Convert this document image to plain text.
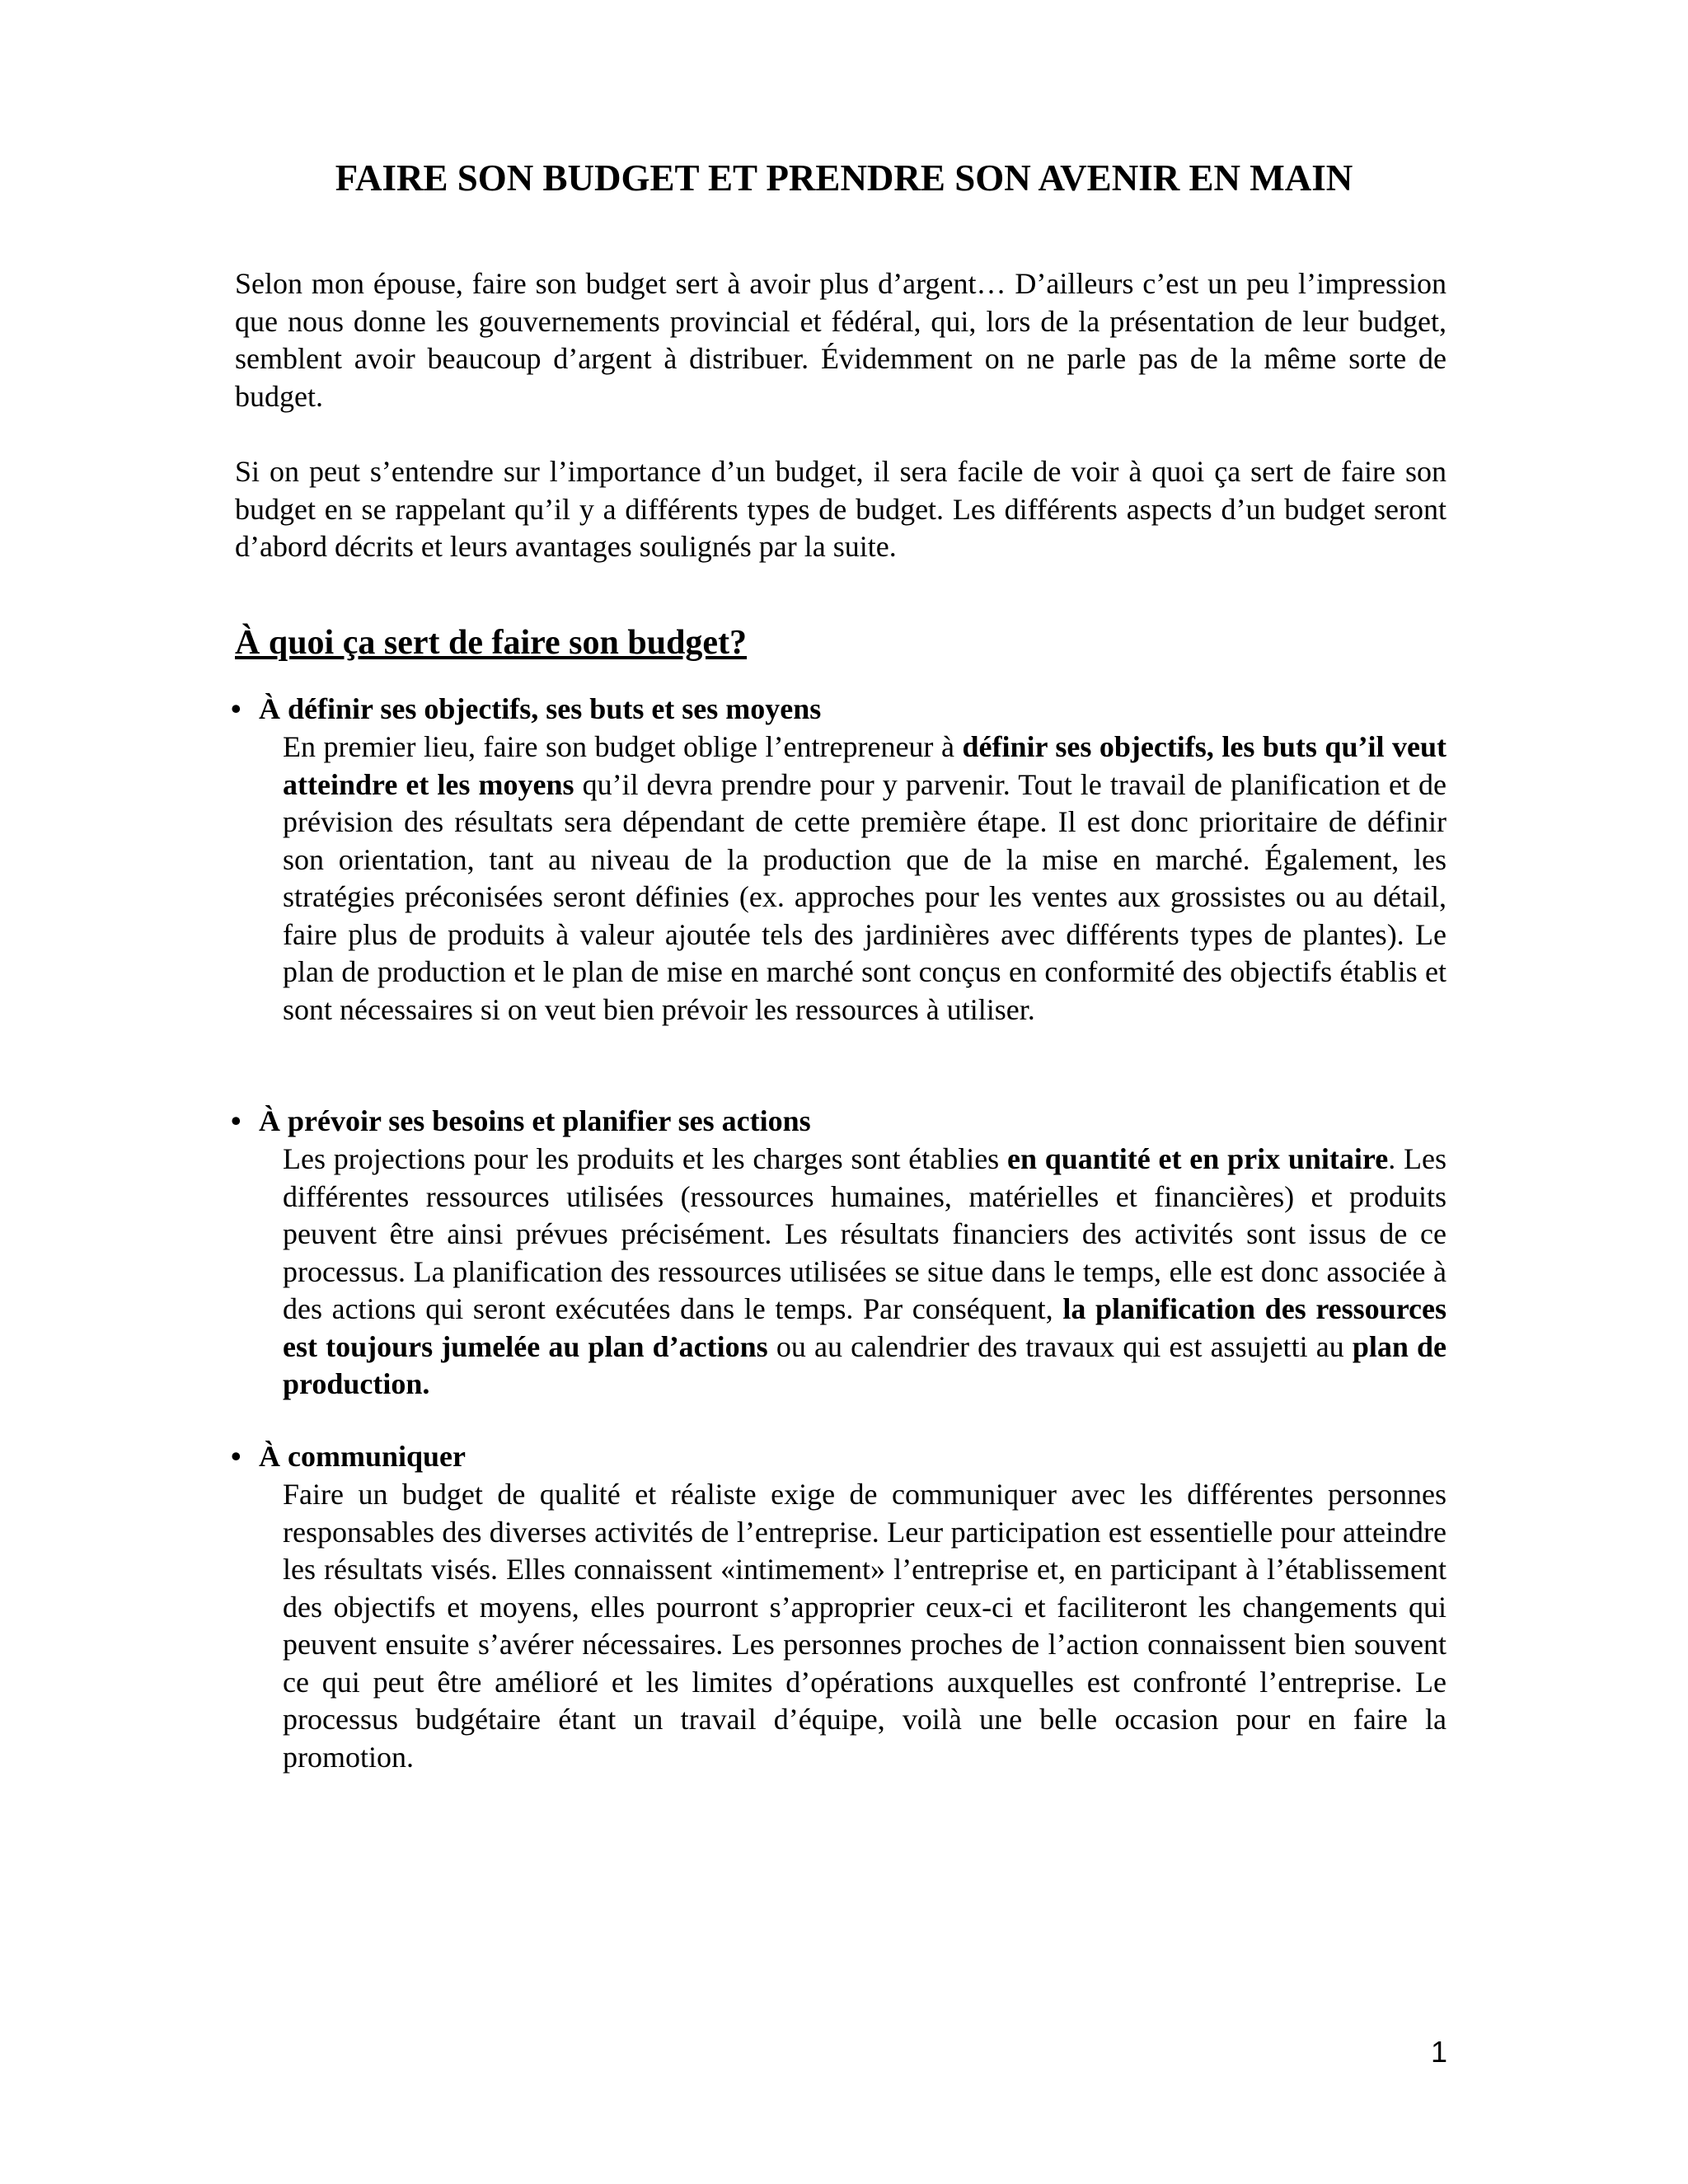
FAIRE SON BUDGET ET PRENDRE SON AVENIR EN MAIN

Selon mon épouse, faire son budget sert à avoir plus d’argent… D’ailleurs c’est un peu l’impression que nous donne les gouvernements provincial et fédéral, qui, lors de la présentation de leur budget, semblent avoir beaucoup d’argent à distribuer. Évidemment on ne parle pas de la même sorte de budget.

Si on peut s’entendre sur l’importance d’un budget, il sera facile de voir à quoi ça sert de faire son budget en se rappelant qu’il y a différents types de budget. Les différents aspects d’un budget seront d’abord décrits et leurs avantages soulignés par la suite.

À quoi ça sert de faire son budget?

• À définir ses objectifs, ses buts et ses moyens

En premier lieu, faire son budget oblige l’entrepreneur à définir ses objectifs, les buts qu’il veut atteindre et les moyens qu’il devra prendre pour y parvenir. Tout le travail de planification et de prévision des résultats sera dépendant de cette première étape. Il est donc prioritaire de définir son orientation, tant au niveau de la production que de la mise en marché. Également, les stratégies préconisées seront définies (ex. approches pour les ventes aux grossistes ou au détail, faire plus de produits à valeur ajoutée tels des jardinières avec différents types de plantes). Le plan de production et le plan de mise en marché sont conçus en conformité des objectifs établis et sont nécessaires si on veut bien prévoir les ressources à utiliser.

• À prévoir ses besoins et planifier ses actions

Les projections pour les produits et les charges sont établies en quantité et en prix unitaire. Les différentes ressources utilisées (ressources humaines, matérielles et financières) et produits peuvent être ainsi prévues précisément. Les résultats financiers des activités sont issus de ce processus. La planification des ressources utilisées se situe dans le temps, elle est donc associée à des actions qui seront exécutées dans le temps. Par conséquent, la planification des ressources est toujours jumelée au plan d’actions ou au calendrier des travaux qui est assujetti au plan de production.

• À communiquer

Faire un budget de qualité et réaliste exige de communiquer avec les différentes personnes responsables des diverses activités de l’entreprise. Leur participation est essentielle pour atteindre les résultats visés. Elles connaissent «intimement» l’entreprise et, en participant à l’établissement des objectifs et moyens, elles pourront s’approprier ceux-ci et faciliteront les changements qui peuvent ensuite s’avérer nécessaires. Les personnes proches de l’action connaissent bien souvent ce qui peut être amélioré et les limites d’opérations auxquelles est confronté l’entreprise. Le processus budgétaire étant un travail d’équipe, voilà une belle occasion pour en faire la promotion.

1
